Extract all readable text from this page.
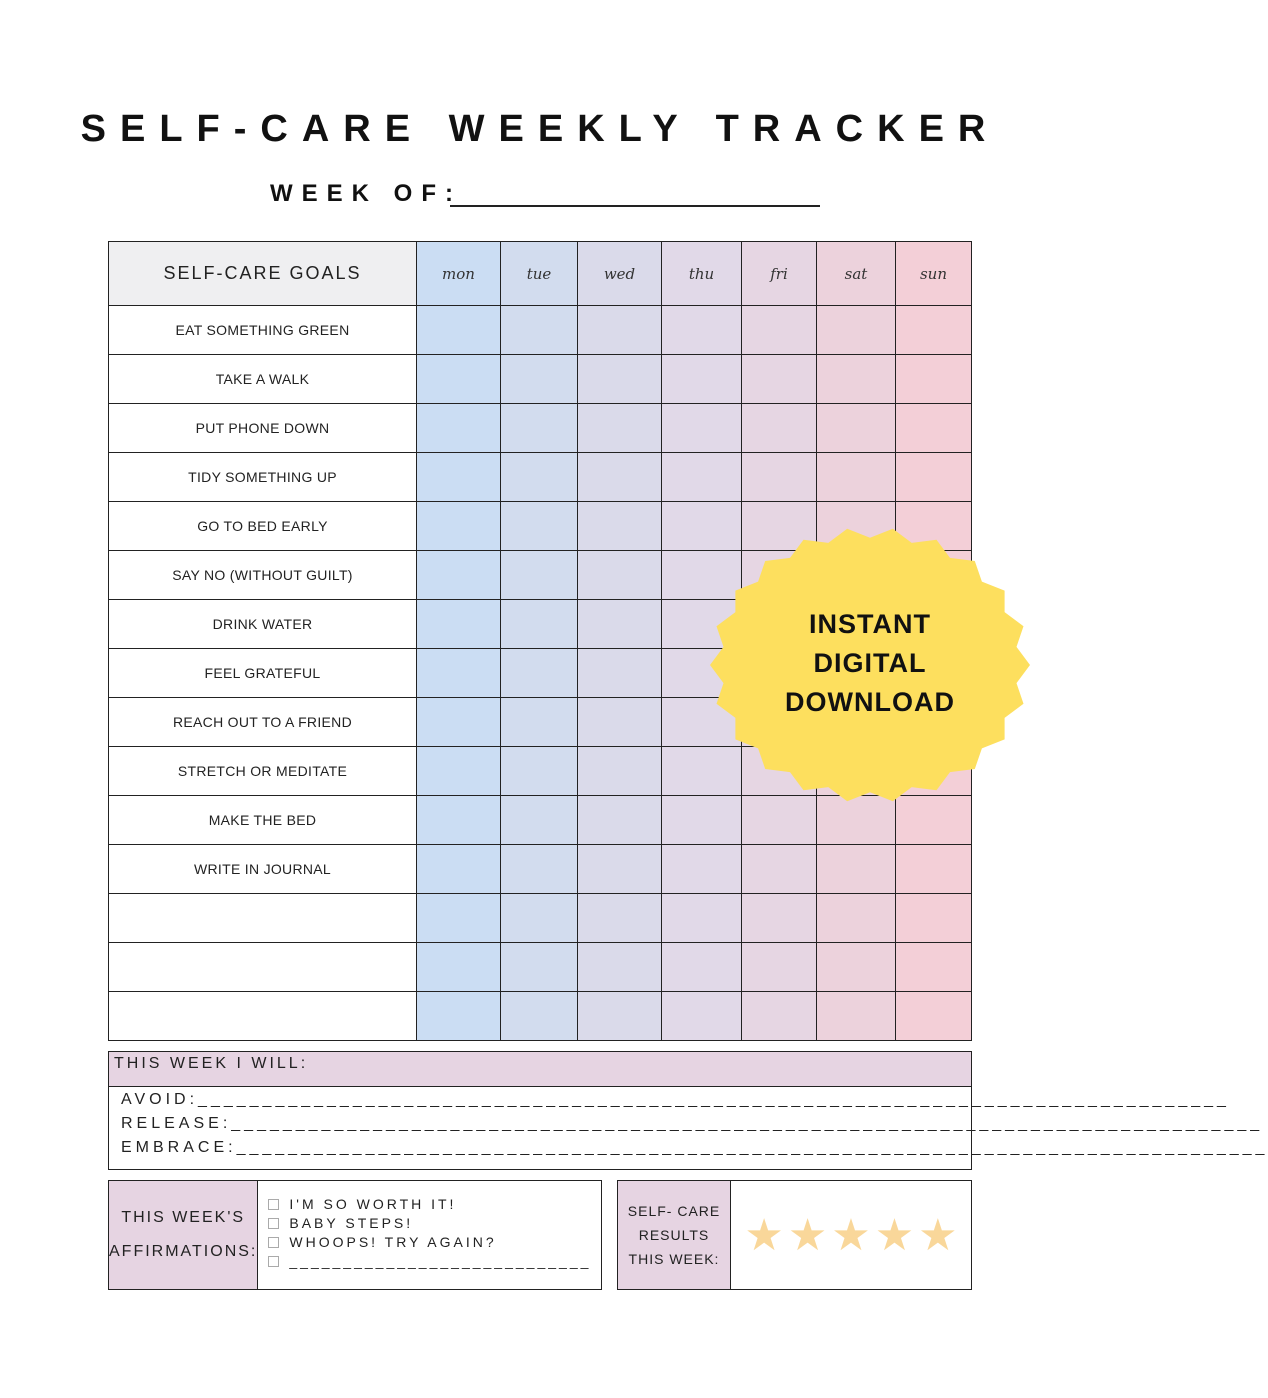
SELF-CARE WEEKLY TRACKER
WEEK OF:
SELF-CARE GOALS	mon	tue	wed	thu	fri	sat	sun
EAT SOMETHING GREEN							
TAKE A WALK							
PUT PHONE DOWN							
TIDY SOMETHING UP							
GO TO BED EARLY							
SAY NO (WITHOUT GUILT)							
DRINK WATER							
FEEL GRATEFUL							
REACH OUT TO A FRIEND							
STRETCH OR MEDITATE							
MAKE THE BED							
WRITE IN JOURNAL							

THIS WEEK I WILL:
AVOID:________________________________________________________________________________
RELEASE:________________________________________________________________________________
EMBRACE:________________________________________________________________________________
THIS WEEK'S AFFIRMATIONS:
I'M SO WORTH IT!
BABY STEPS!
WHOOPS! TRY AGAIN?
____________________________
SELF- CARE RESULTS THIS WEEK: ★ ★ ★ ★ ★
INSTANT
DIGITAL
DOWNLOAD
